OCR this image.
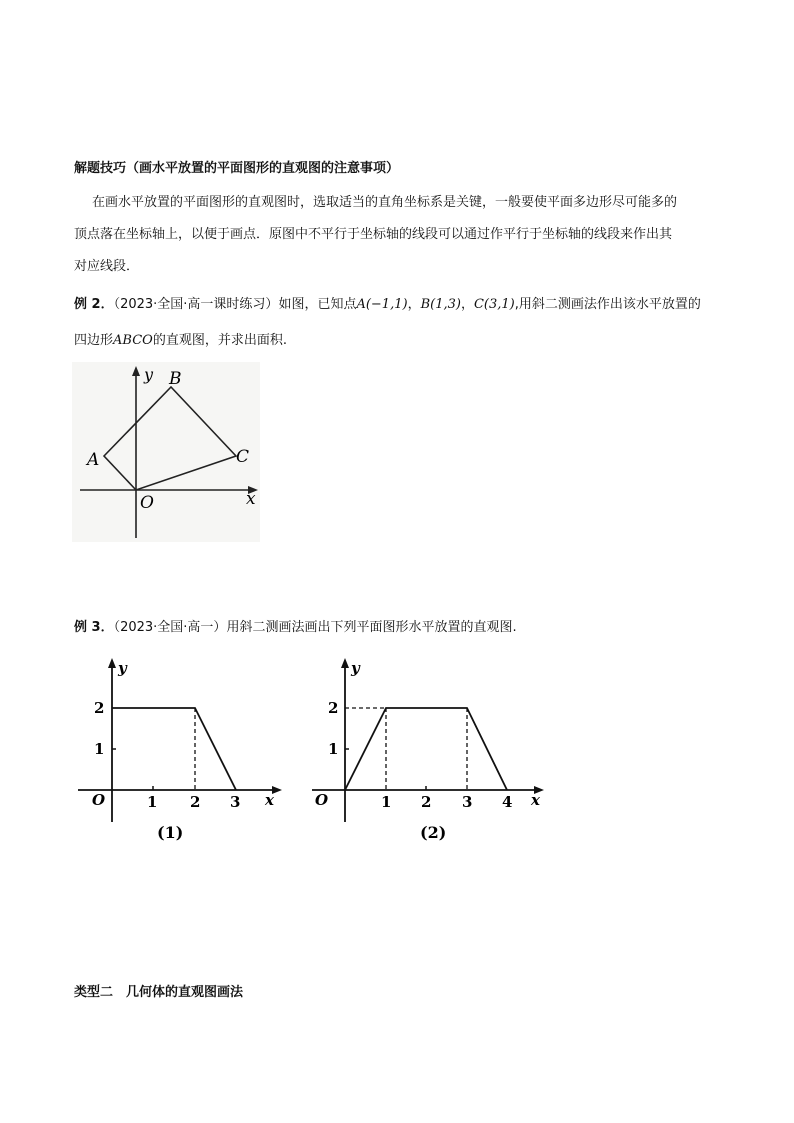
解题技巧（画水平放置的平面图形的直观图的注意事项）
在画水平放置的平面图形的直观图时，选取适当的直角坐标系是关键，一般要使平面多边形尽可能多的
顶点落在坐标轴上，以便于画点．原图中不平行于坐标轴的线段可以通过作平行于坐标轴的线段来作出其
对应线段．
例 2．（2023·全国·高一课时练习）如图，已知点A(−1,1)，B(1,3)，C(3,1),用斜二测画法作出该水平放置的
四边形ABCO的直观图，并求出面积.
y
x
A
B
C
O
例 3．（2023·全国·高一）用斜二测画法画出下列平面图形水平放置的直观图.
y
x
O	1 2 3
1
2
(1)
y
x
O	1 2 3 4
1
2
(2)
类型二　几何体的直观图画法
